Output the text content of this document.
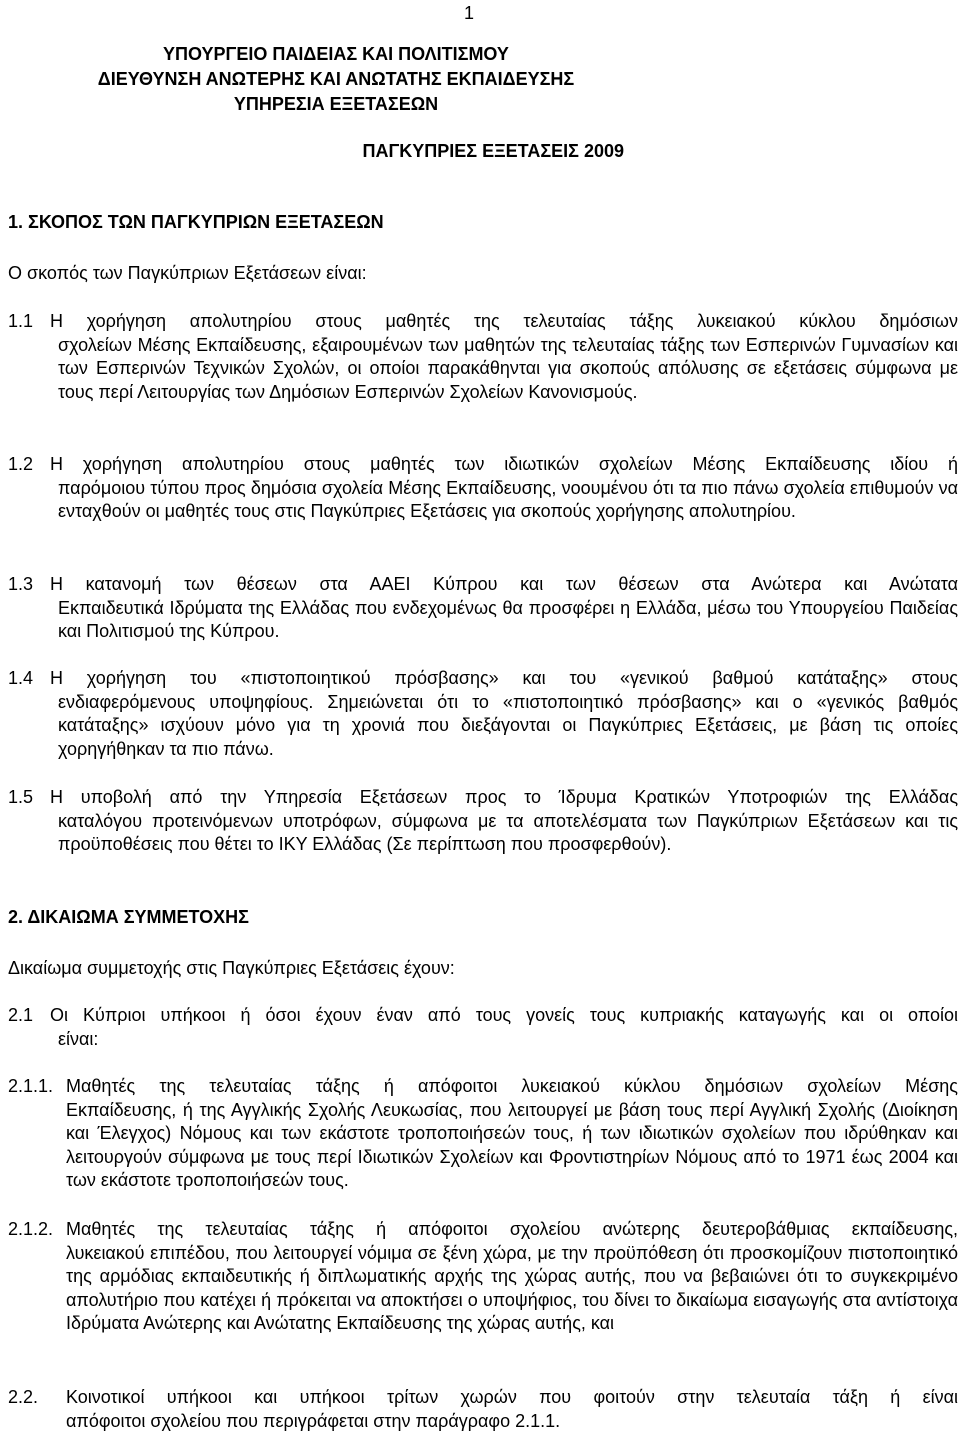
1
ΥΠΟΥΡΓΕΙΟ ΠΑΙΔΕΙΑΣ ΚΑΙ ΠΟΛΙΤΙΣΜΟΥ
ΔΙΕΥΘΥΝΣΗ ΑΝΩΤΕΡΗΣ ΚΑΙ ΑΝΩΤΑΤΗΣ ΕΚΠΑΙΔΕΥΣΗΣ
ΥΠΗΡΕΣΙΑ ΕΞΕΤΑΣΕΩΝ
ΠΑΓΚΥΠΡΙΕΣ ΕΞΕΤΑΣΕΙΣ 2009
1. ΣΚΟΠΟΣ ΤΩΝ ΠΑΓΚΥΠΡΙΩΝ ΕΞΕΤΑΣΕΩΝ
Ο σκοπός των Παγκύπριων Εξετάσεων είναι:
1.1 Η χορήγηση απολυτηρίου στους μαθητές της τελευταίας τάξης λυκειακού κύκλου δημόσιων
σχολείων Μέσης Εκπαίδευσης, εξαιρουμένων των μαθητών της τελευταίας τάξης των Εσπερινών Γυμνασίων και των Εσπερινών Τεχνικών Σχολών, οι οποίοι παρακάθηνται για σκοπούς απόλυσης σε εξετάσεις σύμφωνα με τους περί Λειτουργίας των Δημόσιων Εσπερινών Σχολείων Κανονισμούς.
1.2 Η χορήγηση απολυτηρίου στους μαθητές των ιδιωτικών σχολείων Μέσης Εκπαίδευσης ιδίου ή
παρόμοιου τύπου προς δημόσια σχολεία Μέσης Εκπαίδευσης, νοουμένου ότι τα πιο πάνω σχολεία επιθυμούν να ενταχθούν οι μαθητές τους στις Παγκύπριες Εξετάσεις για σκοπούς χορήγησης απολυτηρίου.
1.3 Η κατανομή των θέσεων στα ΑΑΕΙ Κύπρου και των θέσεων στα Ανώτερα και Ανώτατα
Εκπαιδευτικά Ιδρύματα της Ελλάδας που ενδεχομένως θα προσφέρει η Ελλάδα, μέσω του Υπουργείου Παιδείας και Πολιτισμού της Κύπρου.
1.4 Η χορήγηση του «πιστοποιητικού πρόσβασης» και του «γενικού βαθμού κατάταξης» στους
ενδιαφερόμενους υποψηφίους. Σημειώνεται ότι το «πιστοποιητικό πρόσβασης» και ο «γενικός βαθμός κατάταξης» ισχύουν μόνο για τη χρονιά που διεξάγονται οι Παγκύπριες Εξετάσεις, με βάση τις οποίες χορηγήθηκαν τα πιο πάνω.
1.5 Η υποβολή από την Υπηρεσία Εξετάσεων προς το Ίδρυμα Κρατικών Υποτροφιών της Ελλάδας
καταλόγου προτεινόμενων υποτρόφων, σύμφωνα με τα αποτελέσματα των Παγκύπριων Εξετάσεων και τις προϋποθέσεις που θέτει το ΙΚΥ Ελλάδας (Σε περίπτωση που προσφερθούν).
2. ΔΙΚΑΙΩΜΑ ΣΥΜΜΕΤΟΧΗΣ
Δικαίωμα συμμετοχής στις Παγκύπριες Εξετάσεις έχουν:
2.1 Οι Κύπριοι υπήκοοι ή όσοι έχουν έναν από τους γονείς τους κυπριακής καταγωγής και οι οποίοι
είναι:
2.1.1. Μαθητές της τελευταίας τάξης ή απόφοιτοι λυκειακού κύκλου δημόσιων σχολείων Μέσης
Εκπαίδευσης, ή της Αγγλικής Σχολής Λευκωσίας, που λειτουργεί με βάση τους περί Αγγλική Σχολής (Διοίκηση και Έλεγχος) Νόμους και των εκάστοτε τροποποιήσεών τους, ή των ιδιωτικών σχολείων που ιδρύθηκαν και λειτουργούν σύμφωνα με τους περί Ιδιωτικών Σχολείων και Φροντιστηρίων Νόμους από το 1971 έως 2004 και των εκάστοτε τροποποιήσεών τους.
2.1.2. Μαθητές της τελευταίας τάξης ή απόφοιτοι σχολείου ανώτερης δευτεροβάθμιας εκπαίδευσης,
λυκειακού επιπέδου, που λειτουργεί νόμιμα σε ξένη χώρα, με την προϋπόθεση ότι προσκομίζουν πιστοποιητικό της αρμόδιας εκπαιδευτικής ή διπλωματικής αρχής της χώρας αυτής, που να βεβαιώνει ότι το συγκεκριμένο απολυτήριο που κατέχει ή πρόκειται να αποκτήσει ο υποψήφιος, του δίνει το δικαίωμα εισαγωγής στα αντίστοιχα Ιδρύματα Ανώτερης και Ανώτατης Εκπαίδευσης της χώρας αυτής, και
2.2.	Κοινοτικοί υπήκοοι και υπήκοοι τρίτων χωρών που φοιτούν στην τελευταία τάξη ή είναι
απόφοιτοι σχολείου που περιγράφεται στην παράγραφο 2.1.1.
